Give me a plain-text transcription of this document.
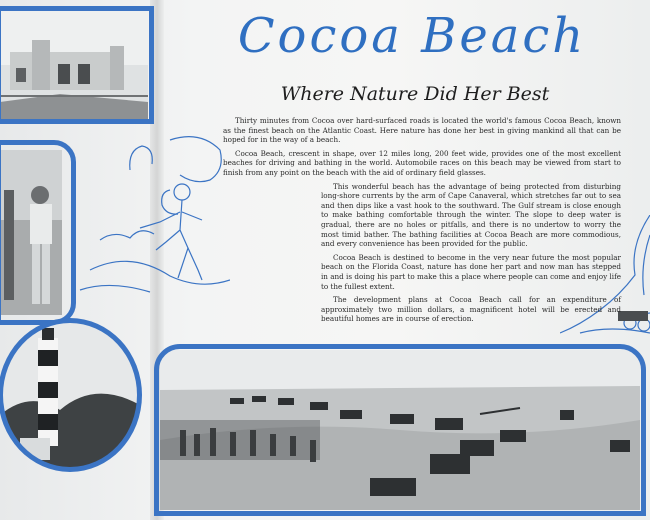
Cocoa Beach
Where Nature Did Her Best

Thirty minutes from Cocoa over hard-surfaced roads is located the world's famous Cocoa Beach, known as the finest beach on the Atlantic Coast. Here nature has done her best in giving mankind all that can be hoped for in the way of a beach.

Cocoa Beach, crescent in shape, over 12 miles long, 200 feet wide, provides one of the most excellent beaches for driving and bathing in the world. Automobile races on this beach may be viewed from start to finish from any point on the beach with the aid of ordinary field glasses.

This wonderful beach has the advantage of being protected from disturbing long-shore currents by the arm of Cape Canaveral, which stretches far out to sea and then dips like a vast hook to the southward. The Gulf stream is close enough to make bathing comfortable through the winter. The slope to deep water is gradual, there are no holes or pitfalls, and there is no undertow to worry the most timid bather. The bathing facilities at Cocoa Beach are more commodious, and every convenience has been provided for the public.

Cocoa Beach is destined to become in the very near future the most popular beach on the Florida Coast, nature has done her part and now man has stepped in and is doing his part to make this a place where people can come and enjoy life to the fullest extent.

The development plans at Cocoa Beach call for an expenditure of approximately two million dollars, a magnificent hotel will be erected and beautiful homes are in course of erection.
